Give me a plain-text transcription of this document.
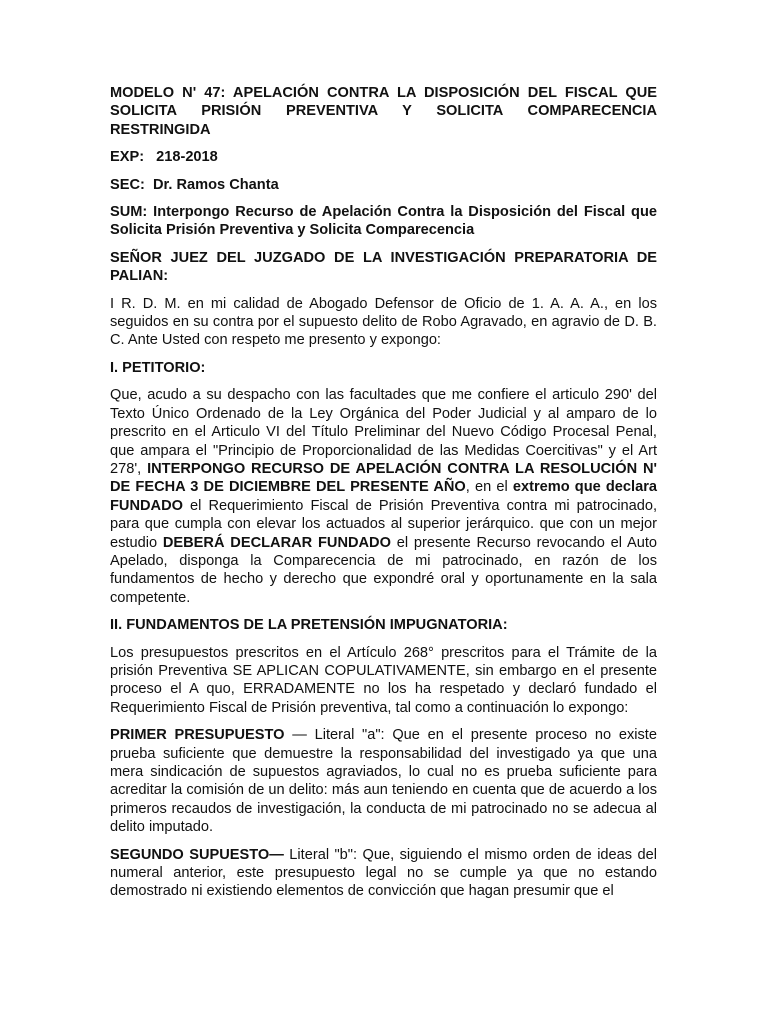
MODELO N' 47: APELACIÓN CONTRA LA DISPOSICIÓN DEL FISCAL QUE SOLICITA PRISIÓN PREVENTIVA Y SOLICITA COMPARECENCIA RESTRINGIDA

EXP: 218-2018

SEC: Dr. Ramos Chanta

SUM: Interpongo Recurso de Apelación Contra la Disposición del Fiscal que Solicita Prisión Preventiva y Solicita Comparecencia

SEÑOR JUEZ DEL JUZGADO DE LA INVESTIGACIÓN PREPARATORIA DE PALIAN:

I R. D. M. en mi calidad de Abogado Defensor de Oficio de 1. A. A. A., en los seguidos en su contra por el supuesto delito de Robo Agravado, en agravio de D. B. C. Ante Usted con respeto me presento y expongo:

I. PETITORIO:

Que, acudo a su despacho con las facultades que me confiere el articulo 290' del Texto Único Ordenado de la Ley Orgánica del Poder Judicial y al amparo de lo prescrito en el Articulo VI del Título Preliminar del Nuevo Código Procesal Penal, que ampara el "Principio de Proporcionalidad de las Medidas Coercitivas" y el Art 278', INTERPONGO RECURSO DE APELACIÓN CONTRA LA RESOLUCIÓN N' DE FECHA 3 DE DICIEMBRE DEL PRESENTE AÑO, en el extremo que declara FUNDADO el Requerimiento Fiscal de Prisión Preventiva contra mi patrocinado, para que cumpla con elevar los actuados al superior jerárquico. que con un mejor estudio DEBERÁ DECLARAR FUNDADO el presente Recurso revocando el Auto Apelado, disponga la Comparecencia de mi patrocinado, en razón de los fundamentos de hecho y derecho que expondré oral y oportunamente en la sala competente.

II. FUNDAMENTOS DE LA PRETENSIÓN IMPUGNATORIA:

Los presupuestos prescritos en el Artículo 268° prescritos para el Trámite de la prisión Preventiva SE APLICAN COPULATIVAMENTE, sin embargo en el presente proceso el A quo, ERRADAMENTE no los ha respetado y declaró fundado el Requerimiento Fiscal de Prisión preventiva, tal como a continuación lo expongo:

PRIMER PRESUPUESTO — Literal "a": Que en el presente proceso no existe prueba suficiente que demuestre la responsabilidad del investigado ya que una mera sindicación de supuestos agraviados, lo cual no es prueba suficiente para acreditar la comisión de un delito: más aun teniendo en cuenta que de acuerdo a los primeros recaudos de investigación, la conducta de mi patrocinado no se adecua al delito imputado.

SEGUNDO SUPUESTO— Literal "b": Que, siguiendo el mismo orden de ideas del numeral anterior, este presupuesto legal no se cumple ya que no estando demostrado ni existiendo elementos de convicción que hagan presumir que el
